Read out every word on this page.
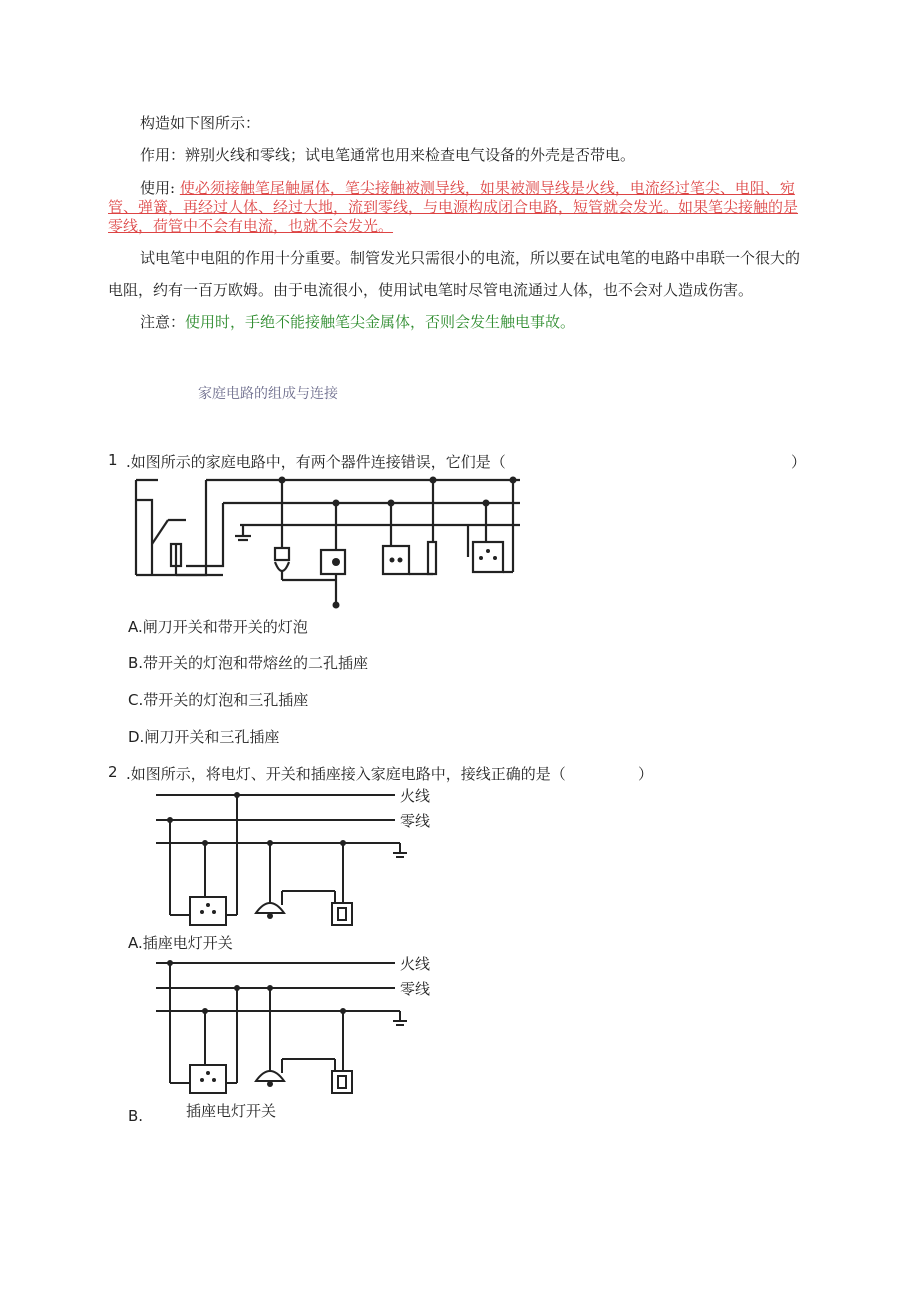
构造如下图所示：
作用：辨别火线和零线；试电笔通常也用来检查电气设备的外壳是否带电。
使用: 使必须接触笔尾触属体，笔尖接触被测导线，如果被测导线是火线，电流经过笔尖、电阻、宛
管、弹簧，再经过人体、经过大地，流到零线，与电源构成闭合电路，短管就会发光。如果笔尖接触的是
零线，荷管中不会有电流，也就不会发光。
试电笔中电阻的作用十分重要。制管发光只需很小的电流，所以要在试电笔的电路中串联一个很大的
电阻，约有一百万欧姆。由于电流很小，使用试电笔时尽管电流通过人体，也不会对人造成伤害。
注意：使用时，手绝不能接触笔尖金属体，否则会发生触电事故。
家庭电路的组成与连接
1 .如图所示的家庭电路中，有两个器件连接错误，它们是（	）
A.闸刀开关和带开关的灯泡
B.带开关的灯泡和带熔丝的二孔插座
C.带开关的灯泡和三孔插座
D.闸刀开关和三孔插座
2 .如图所示，将电灯、开关和插座接入家庭电路中，接线正确的是（	）
火线
零线
A.插座电灯开关
火线
零线
B.	插座电灯开关
